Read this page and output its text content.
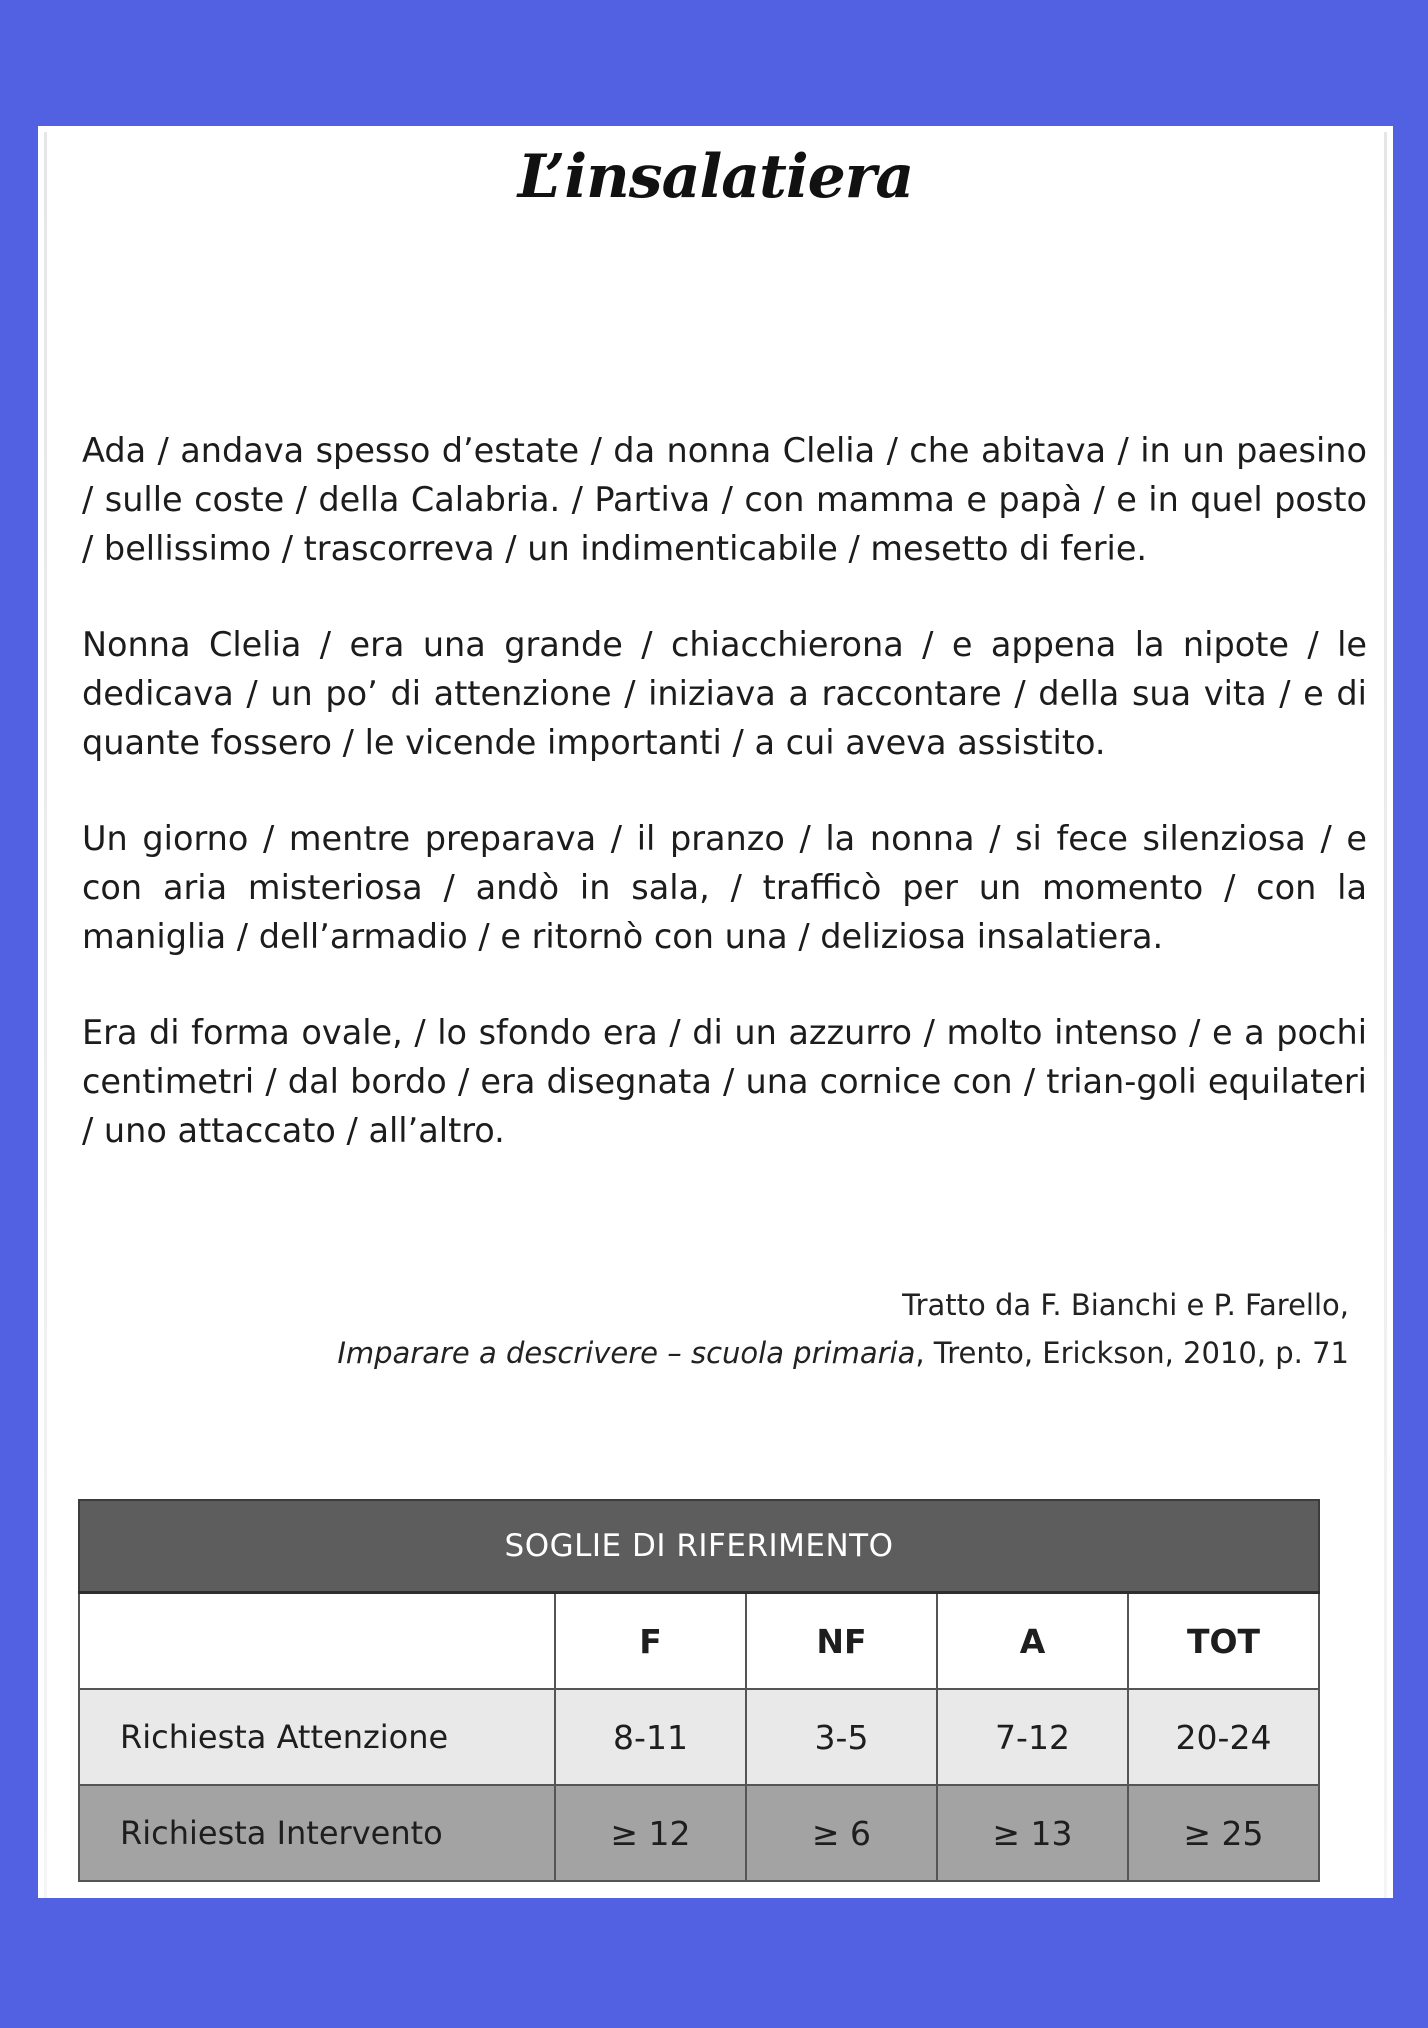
L’insalatiera

Ada / andava spesso d’estate / da nonna Clelia / che abitava / in un paesino / sulle coste / della Calabria. / Partiva / con mamma e papà / e in quel posto / bellissimo / trascorreva / un indimenticabile / mesetto di ferie.

Nonna Clelia / era una grande / chiacchierona / e appena la nipote / le dedicava / un po’ di attenzione / iniziava a raccontare / della sua vita / e di quante fossero / le vicende importanti / a cui aveva assistito.

Un giorno / mentre preparava / il pranzo / la nonna / si fece silenziosa / e con aria misteriosa / andò in sala, / trafficò per un momento / con la maniglia / dell’armadio / e ritornò con una / deliziosa insalatiera.

Era di forma ovale, / lo sfondo era / di un azzurro / molto intenso / e a pochi centimetri / dal bordo / era disegnata / una cornice con / trian-goli equilateri / uno attaccato / all’altro.

Tratto da F. Bianchi e P. Farello,
Imparare a descrivere – scuola primaria, Trento, Erickson, 2010, p. 71
SOGLIE DI RIFERIMENTO				
	F	NF	A	TOT
Richiesta Attenzione	8-11	3-5	7-12	20-24
Richiesta Intervento	≥ 12	≥ 6	≥ 13	≥ 25
